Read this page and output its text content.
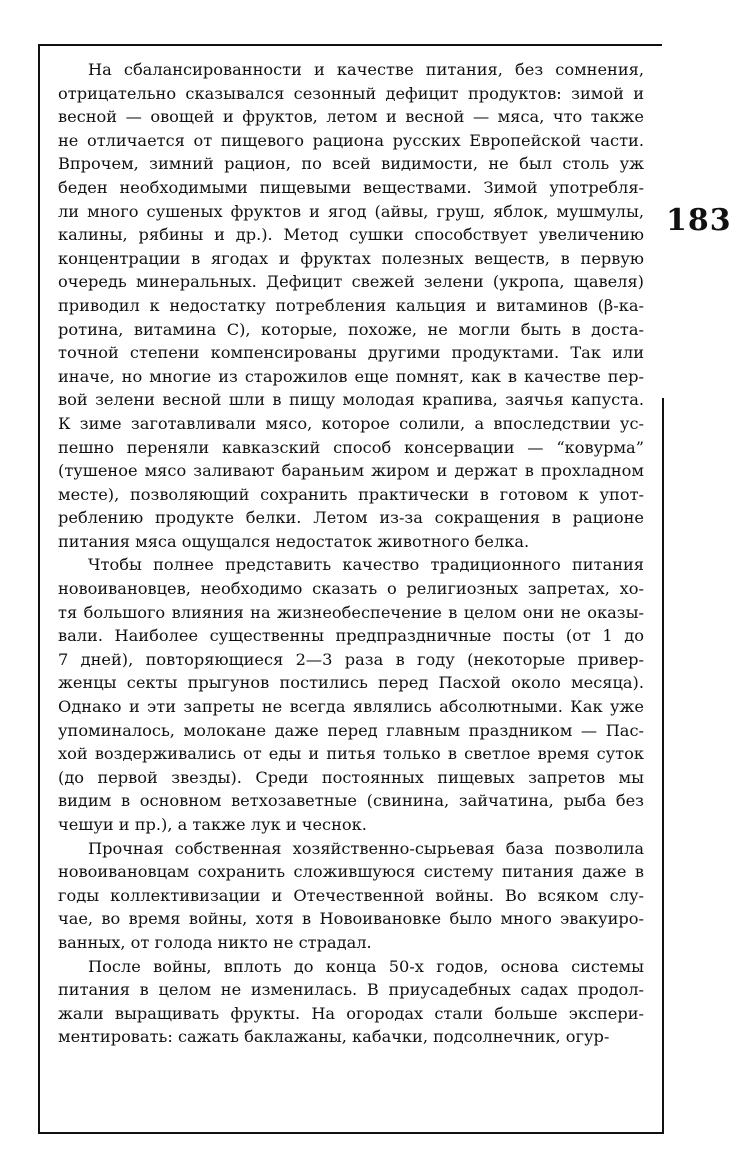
183
На сбалансированности и качестве питания, без сомнения,
отрицательно сказывался сезонный дефицит продуктов: зимой и
весной — овощей и фруктов, летом и весной — мяса, что также
не отличается от пищевого рациона русских Европейской части.
Впрочем, зимний рацион, по всей видимости, не был столь уж
беден необходимыми пищевыми веществами. Зимой употребля-
ли много сушеных фруктов и ягод (айвы, груш, яблок, мушмулы,
калины, рябины и др.). Метод сушки способствует увеличению
концентрации в ягодах и фруктах полезных веществ, в первую
очередь минеральных. Дефицит свежей зелени (укропа, щавеля)
приводил к недостатку потребления кальция и витаминов (β-ка-
ротина, витамина С), которые, похоже, не могли быть в доста-
точной степени компенсированы другими продуктами. Так или
иначе, но многие из старожилов еще помнят, как в качестве пер-
вой зелени весной шли в пищу молодая крапива, заячья капуста.
К зиме заготавливали мясо, которое солили, а впоследствии ус-
пешно переняли кавказский способ консервации — “ковурма”
(тушеное мясо заливают бараньим жиром и держат в прохладном
месте), позволяющий сохранить практически в готовом к упот-
реблению продукте белки. Летом из-за сокращения в рационе
питания мяса ощущался недостаток животного белка.
Чтобы полнее представить качество традиционного питания
новоивановцев, необходимо сказать о религиозных запретах, хо-
тя большого влияния на жизнеобеспечение в целом они не оказы-
вали. Наиболее существенны предпраздничные посты (от 1 до
7 дней), повторяющиеся 2—3 раза в году (некоторые привер-
женцы секты прыгунов постились перед Пасхой около месяца).
Однако и эти запреты не всегда являлись абсолютными. Как уже
упоминалось, молокане даже перед главным праздником — Пас-
хой воздерживались от еды и питья только в светлое время суток
(до первой звезды). Среди постоянных пищевых запретов мы
видим в основном ветхозаветные (свинина, зайчатина, рыба без
чешуи и пр.), а также лук и чеснок.
Прочная собственная хозяйственно-сырьевая база позволила
новоивановцам сохранить сложившуюся систему питания даже в
годы коллективизации и Отечественной войны. Во всяком слу-
чае, во время войны, хотя в Новоивановке было много эвакуиро-
ванных, от голода никто не страдал.
После войны, вплоть до конца 50-х годов, основа системы
питания в целом не изменилась. В приусадебных садах продол-
жали выращивать фрукты. На огородах стали больше экспери-
ментировать: сажать баклажаны, кабачки, подсолнечник, огур-
